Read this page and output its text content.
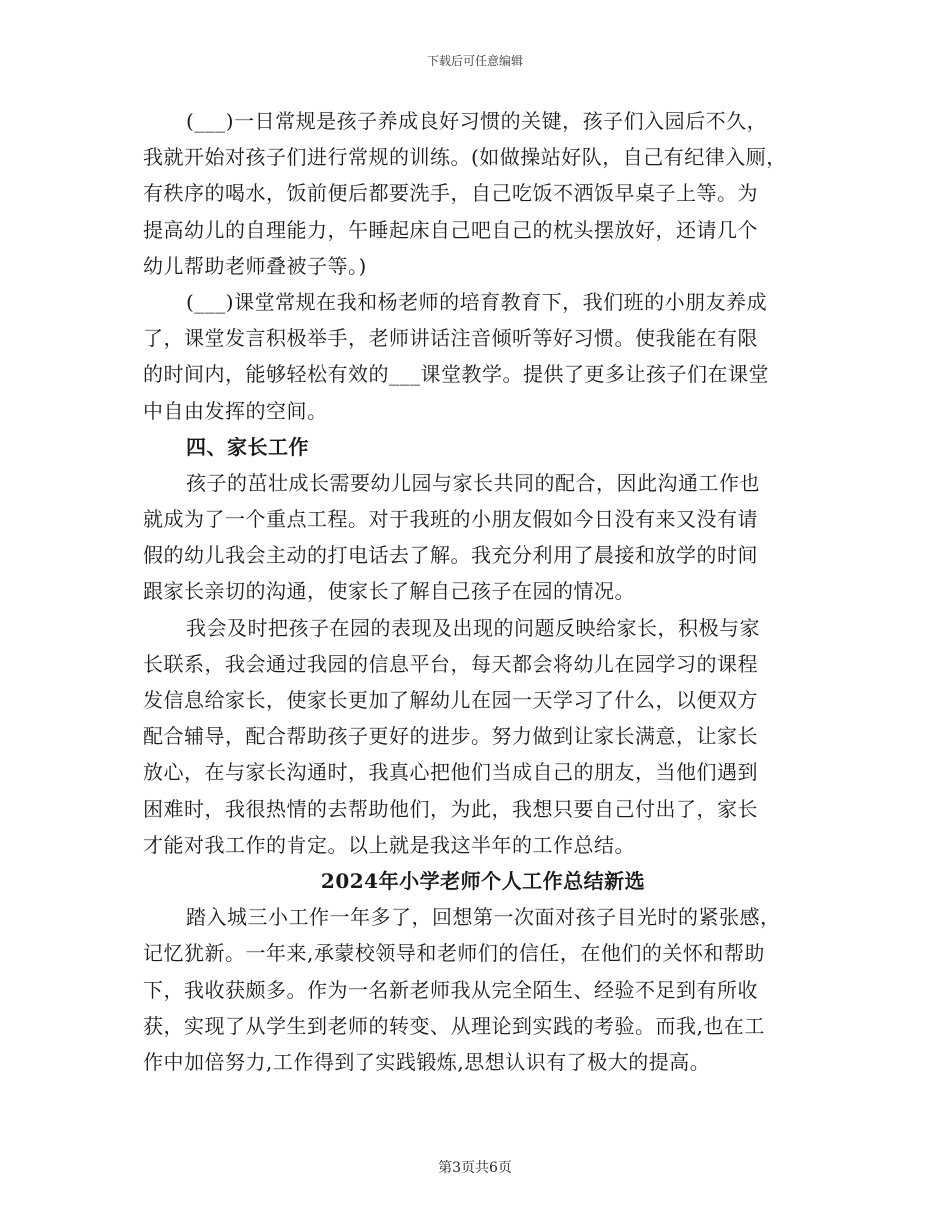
下载后可任意编辑
(___)一日常规是孩子养成良好习惯的关键，孩子们入园后不久，
我就开始对孩子们进行常规的训练。(如做操站好队，自己有纪律入厕，
有秩序的喝水，饭前便后都要洗手，自己吃饭不洒饭早桌子上等。为
提高幼儿的自理能力，午睡起床自己吧自己的枕头摆放好，还请几个
幼儿帮助老师叠被子等。)
(___)课堂常规在我和杨老师的培育教育下，我们班的小朋友养成
了，课堂发言积极举手，老师讲话注音倾听等好习惯。使我能在有限
的时间内，能够轻松有效的___课堂教学。提供了更多让孩子们在课堂
中自由发挥的空间。
四、家长工作
孩子的茁壮成长需要幼儿园与家长共同的配合，因此沟通工作也
就成为了一个重点工程。对于我班的小朋友假如今日没有来又没有请
假的幼儿我会主动的打电话去了解。我充分利用了晨接和放学的时间
跟家长亲切的沟通，使家长了解自己孩子在园的情况。
我会及时把孩子在园的表现及出现的问题反映给家长，积极与家
长联系，我会通过我园的信息平台，每天都会将幼儿在园学习的课程
发信息给家长，使家长更加了解幼儿在园一天学习了什么，以便双方
配合辅导，配合帮助孩子更好的进步。努力做到让家长满意，让家长
放心，在与家长沟通时，我真心把他们当成自己的朋友，当他们遇到
困难时，我很热情的去帮助他们，为此，我想只要自己付出了，家长
才能对我工作的肯定。以上就是我这半年的工作总结。
2024年小学老师个人工作总结新选
踏入城三小工作一年多了，回想第一次面对孩子目光时的紧张感，
记忆犹新。一年来,承蒙校领导和老师们的信任，在他们的关怀和帮助
下，我收获颇多。作为一名新老师我从完全陌生、经验不足到有所收
获，实现了从学生到老师的转变、从理论到实践的考验。而我,也在工
作中加倍努力,工作得到了实践锻炼,思想认识有了极大的提高。
第3页共6页
